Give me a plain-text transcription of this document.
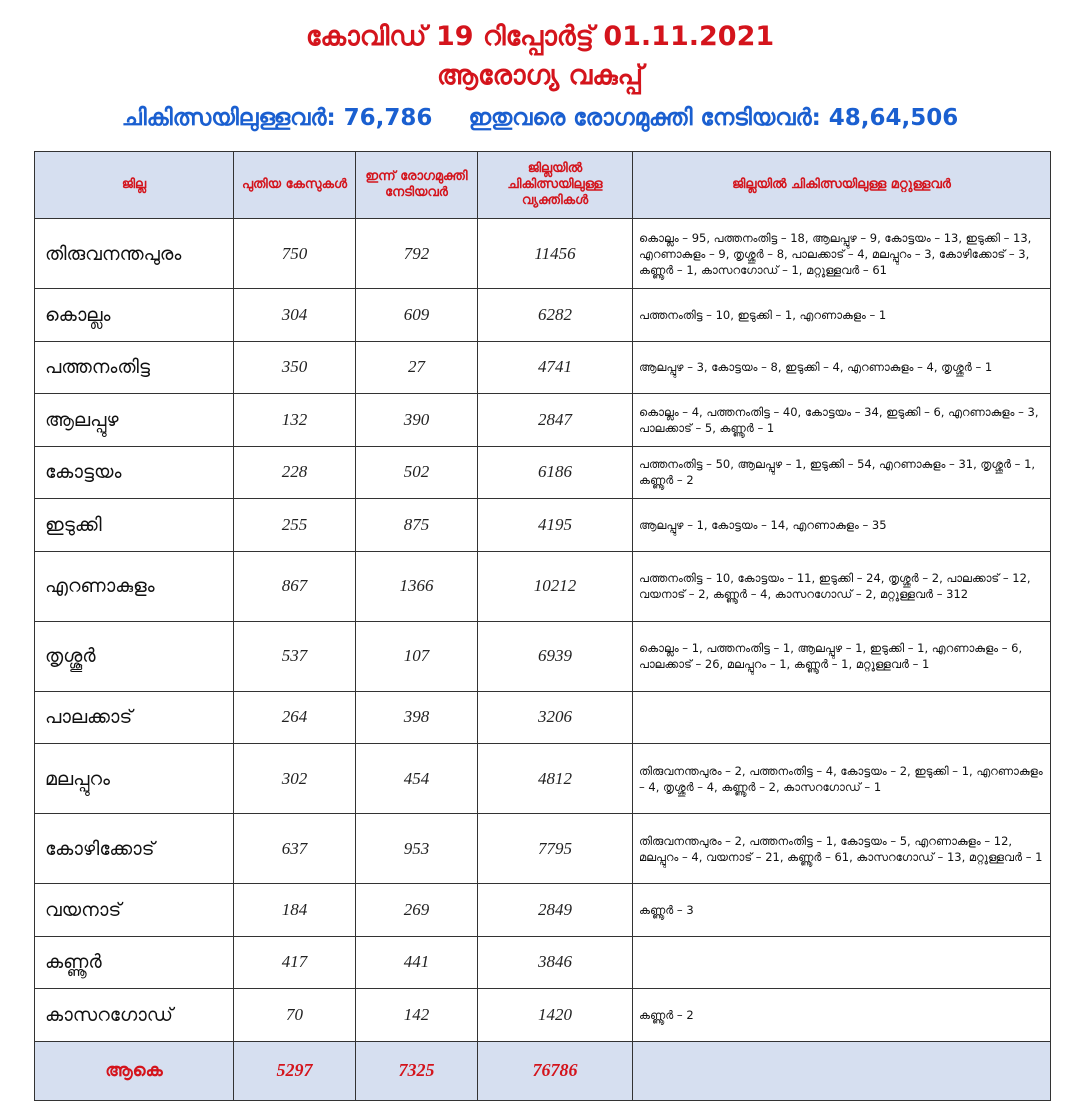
കോവിഡ് 19 റിപ്പോർട്ട് 01.11.2021
ആരോഗ്യ വകുപ്പ്
ചികിത്സയിലുള്ളവർ: 76,786 ഇതുവരെ രോഗമുക്തി നേടിയവർ: 48,64,506
ജില്ല	പുതിയ കേസുകൾ	ഇന്ന് രോഗമുക്തി നേടിയവർ	ജില്ലയിൽ ചികിത്സയിലുള്ള വ്യക്തികൾ	ജില്ലയിൽ ചികിത്സയിലുള്ള മറ്റുള്ളവർ
തിരുവനന്തപുരം	750	792	11456	കൊല്ലം – 95, പത്തനംതിട്ട – 18, ആലപ്പുഴ – 9, കോട്ടയം – 13, ഇടുക്കി – 13, എറണാകുളം – 9, തൃശ്ശൂർ – 8, പാലക്കാട് – 4, മലപ്പുറം – 3, കോഴിക്കോട് – 3, കണ്ണൂർ – 1, കാസറഗോഡ് – 1, മറ്റുള്ളവർ – 61
കൊല്ലം	304	609	6282	പത്തനംതിട്ട – 10, ഇടുക്കി – 1, എറണാകുളം – 1
പത്തനംതിട്ട	350	27	4741	ആലപ്പുഴ – 3, കോട്ടയം – 8, ഇടുക്കി – 4, എറണാകുളം – 4, തൃശ്ശൂർ – 1
ആലപ്പുഴ	132	390	2847	കൊല്ലം – 4, പത്തനംതിട്ട – 40, കോട്ടയം – 34, ഇടുക്കി – 6, എറണാകുളം – 3, പാലക്കാട് – 5, കണ്ണൂർ – 1
കോട്ടയം	228	502	6186	പത്തനംതിട്ട – 50, ആലപ്പുഴ – 1, ഇടുക്കി – 54, എറണാകുളം – 31, തൃശ്ശൂർ – 1, കണ്ണൂർ – 2
ഇടുക്കി	255	875	4195	ആലപ്പുഴ – 1, കോട്ടയം – 14, എറണാകുളം – 35
എറണാകുളം	867	1366	10212	പത്തനംതിട്ട – 10, കോട്ടയം – 11, ഇടുക്കി – 24, തൃശ്ശൂർ – 2, പാലക്കാട് – 12, വയനാട് – 2, കണ്ണൂർ – 4, കാസറഗോഡ് – 2, മറ്റുള്ളവർ – 312
തൃശ്ശൂർ	537	107	6939	കൊല്ലം – 1, പത്തനംതിട്ട – 1, ആലപ്പുഴ – 1, ഇടുക്കി – 1, എറണാകുളം – 6, പാലക്കാട് – 26, മലപ്പുറം – 1, കണ്ണൂർ – 1, മറ്റുള്ളവർ – 1
പാലക്കാട്	264	398	3206	
മലപ്പുറം	302	454	4812	തിരുവനന്തപുരം – 2, പത്തനംതിട്ട – 4, കോട്ടയം – 2, ഇടുക്കി – 1, എറണാകുളം – 4, തൃശ്ശൂർ – 4, കണ്ണൂർ – 2, കാസറഗോഡ് – 1
കോഴിക്കോട്	637	953	7795	തിരുവനന്തപുരം – 2, പത്തനംതിട്ട – 1, കോട്ടയം – 5, എറണാകുളം – 12, മലപ്പുറം – 4, വയനാട് – 21, കണ്ണൂർ – 61, കാസറഗോഡ് – 13, മറ്റുള്ളവർ – 1
വയനാട്	184	269	2849	കണ്ണൂർ – 3
കണ്ണൂർ	417	441	3846	
കാസറഗോഡ്	70	142	1420	കണ്ണൂർ – 2
ആകെ	5297	7325	76786	
